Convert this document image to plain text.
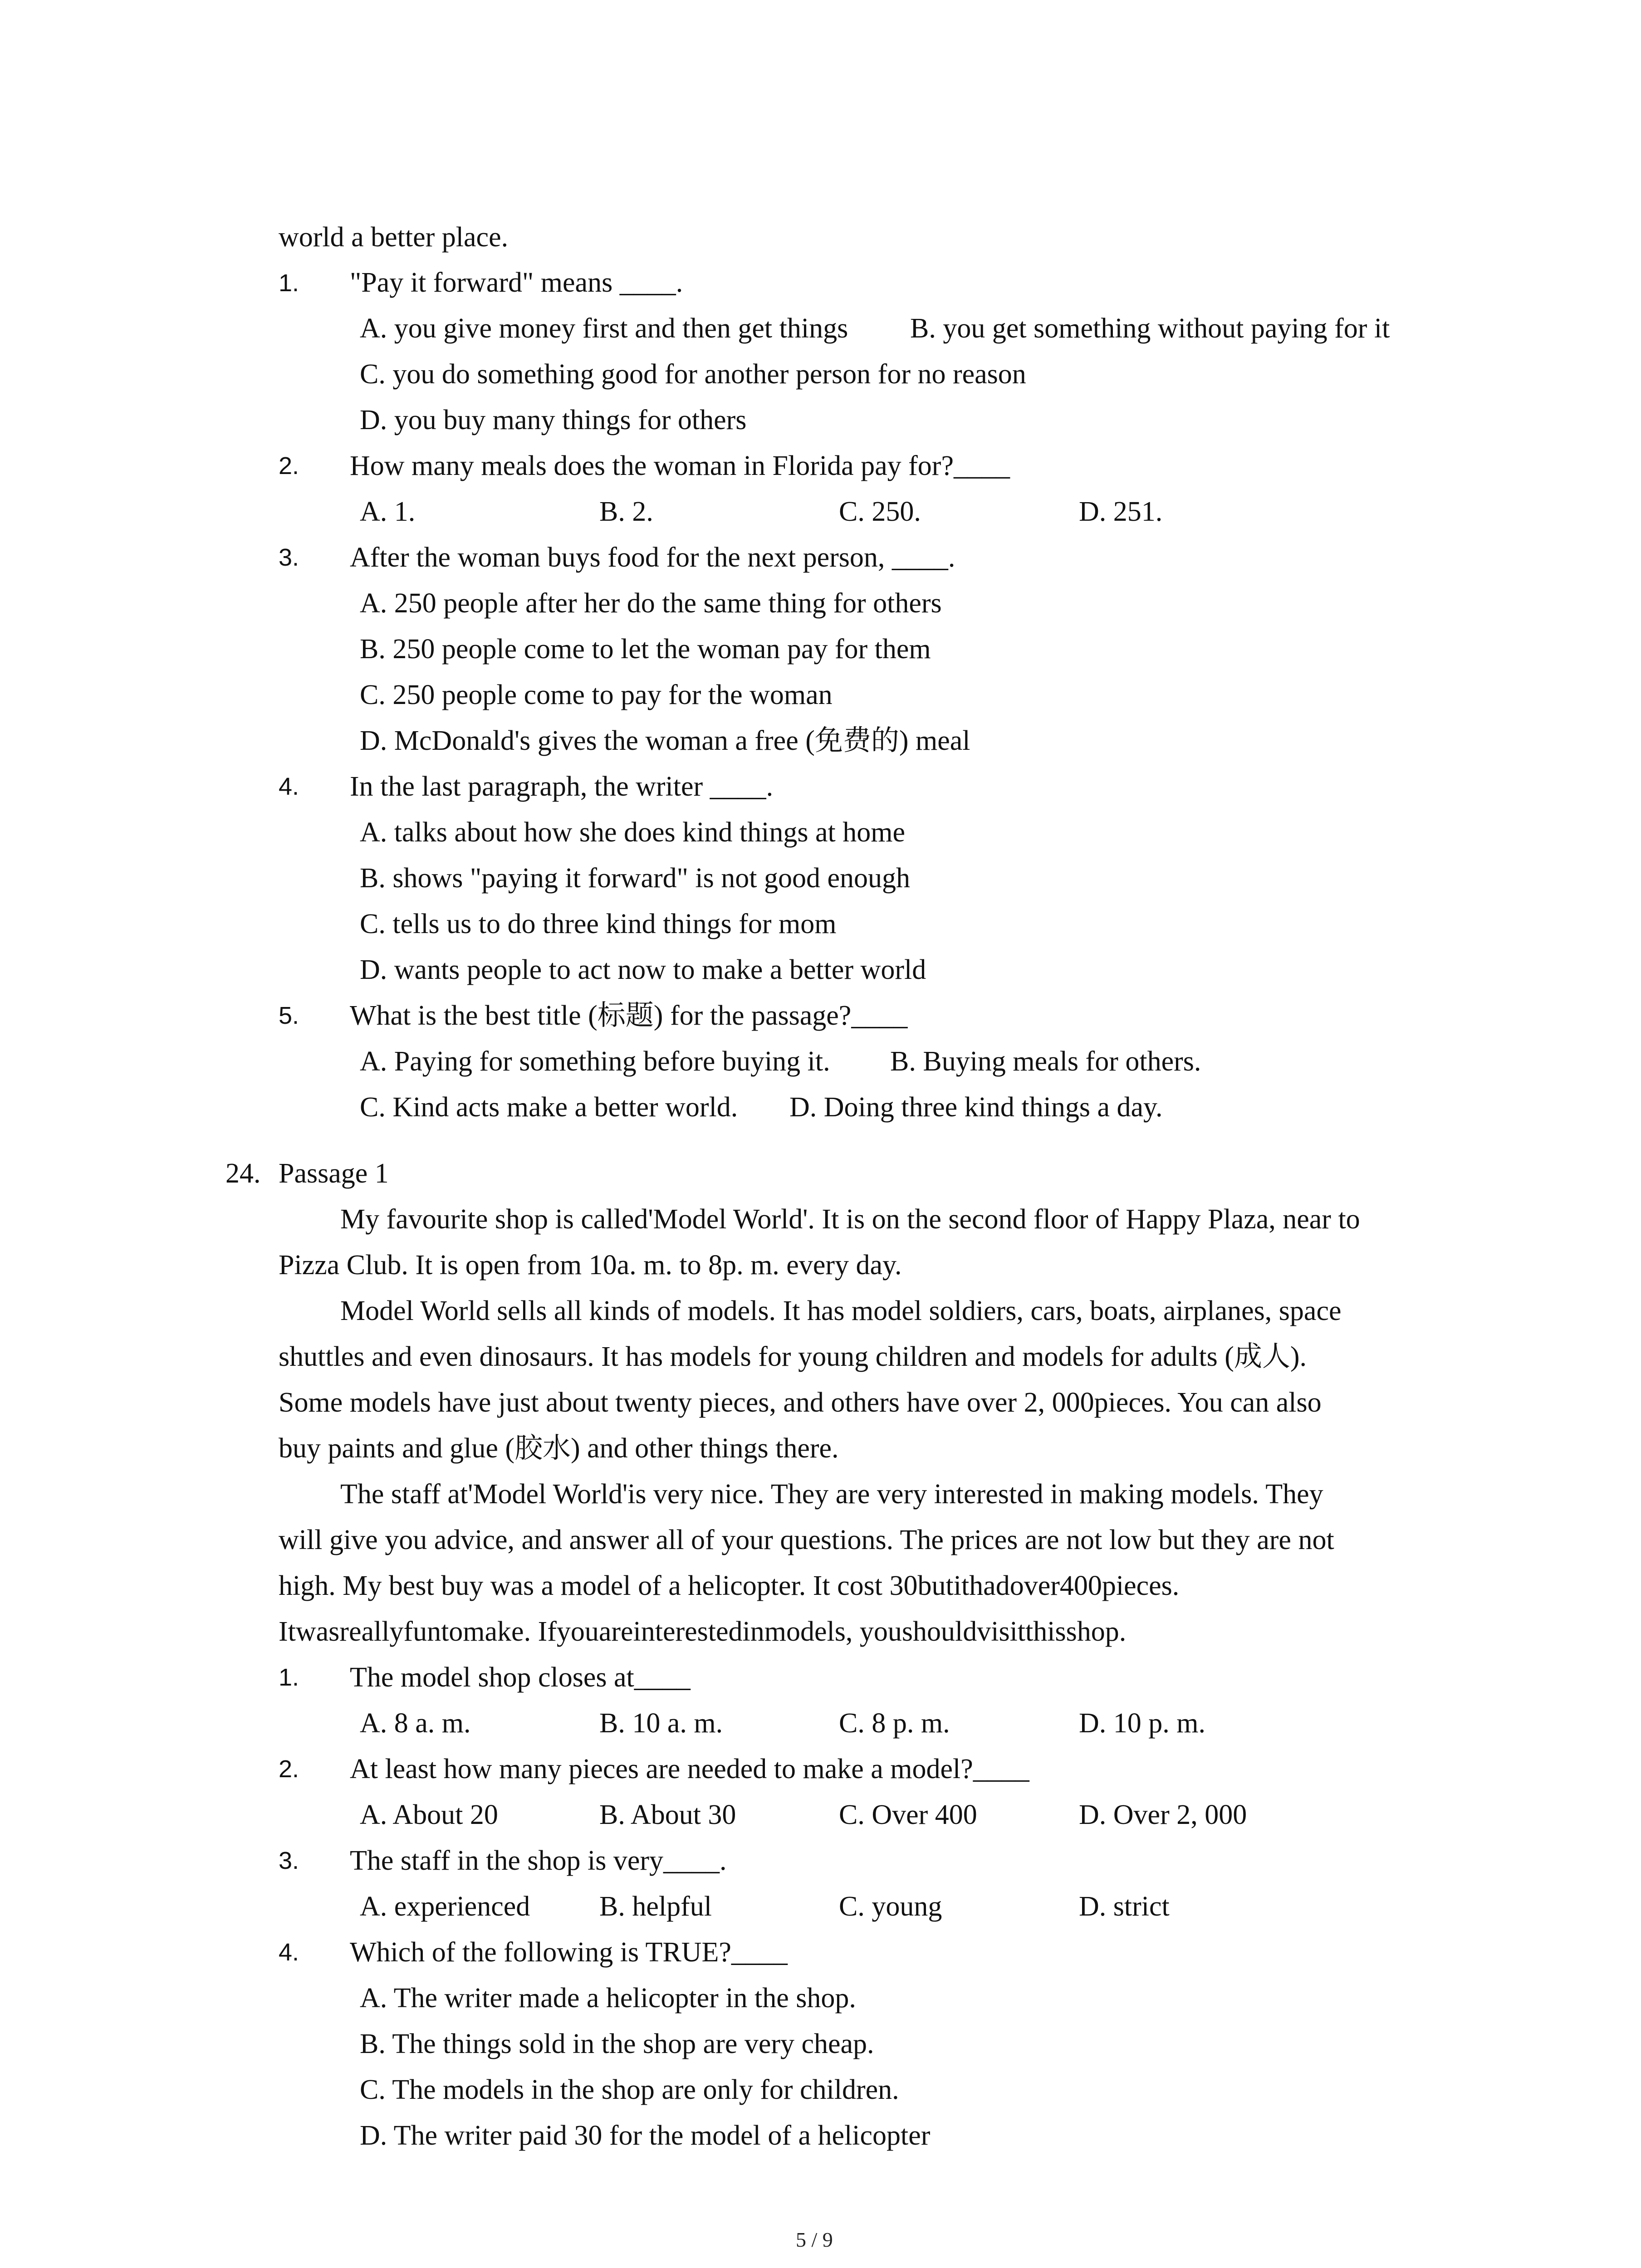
world a better place.
1. "Pay it forward" means ____.
A. you give money first and then get things B. you get something without paying for it
C. you do something good for another person for no reason
D. you buy many things for others
2. How many meals does the woman in Florida pay for?____
A. 1.	B. 2.	C. 250.	D. 251.
3. After the woman buys food for the next person, ____.
A. 250 people after her do the same thing for others
B. 250 people come to let the woman pay for them
C. 250 people come to pay for the woman
D. McDonald's gives the woman a free (免费的) meal
4. In the last paragraph, the writer ____.
A. talks about how she does kind things at home
B. shows "paying it forward" is not good enough
C. tells us to do three kind things for mom
D. wants people to act now to make a better world
5. What is the best title (标题) for the passage?____
A. Paying for something before buying it. B. Buying meals for others.
C. Kind acts make a better world. D. Doing three kind things a day.
24. Passage 1
My favourite shop is called'Model World'. It is on the second floor of Happy Plaza, near to
Pizza Club. It is open from 10a. m. to 8p. m. every day.
Model World sells all kinds of models. It has model soldiers, cars, boats, airplanes, space
shuttles and even dinosaurs. It has models for young children and models for adults (成人).
Some models have just about twenty pieces, and others have over 2, 000pieces. You can also
buy paints and glue (胶水) and other things there.
The staff at'Model World'is very nice. They are very interested in making models. They
will give you advice, and answer all of your questions. The prices are not low but they are not
high. My best buy was a model of a helicopter. It cost 30butithadover400pieces.
Itwasreallyfuntomake. Ifyouareinterestedinmodels, youshouldvisitthisshop.
1. The model shop closes at____
A. 8 a. m.	B. 10 a. m.	C. 8 p. m.	D. 10 p. m.
2. At least how many pieces are needed to make a model?____
A. About 20	B. About 30	C. Over 400	D. Over 2, 000
3. The staff in the shop is very____.
A. experienced B. helpful	C. young	D. strict
4. Which of the following is TRUE?____
A. The writer made a helicopter in the shop.
B. The things sold in the shop are very cheap.
C. The models in the shop are only for children.
D. The writer paid 30 for the model of a helicopter
5 / 9
